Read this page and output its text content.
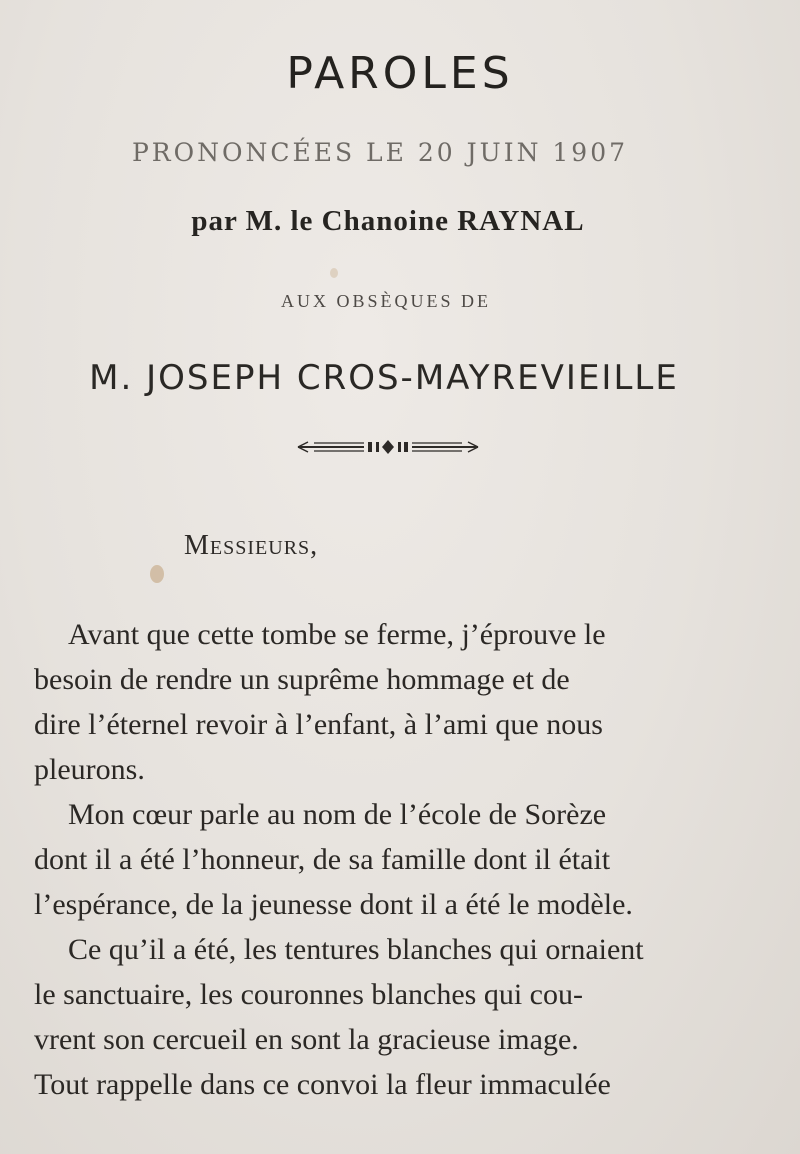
PAROLES
PRONONCÉES LE 20 JUIN 1907
par M. le Chanoine RAYNAL
AUX OBSÈQUES DE
M. JOSEPH CROS-MAYREVIEILLE
MESSIEURS,

Avant que cette tombe se ferme, j’éprouve le
besoin de rendre un suprême hommage et de
dire l’éternel revoir à l’enfant, à l’ami que nous
pleurons.

Mon cœur parle au nom de l’école de Sorèze
dont il a été l’honneur, de sa famille dont il était
l’espérance, de la jeunesse dont il a été le modèle.

Ce qu’il a été, les tentures blanches qui ornaient
le sanctuaire, les couronnes blanches qui cou-
vrent son cercueil en sont la gracieuse image.
Tout rappelle dans ce convoi la fleur immaculée
